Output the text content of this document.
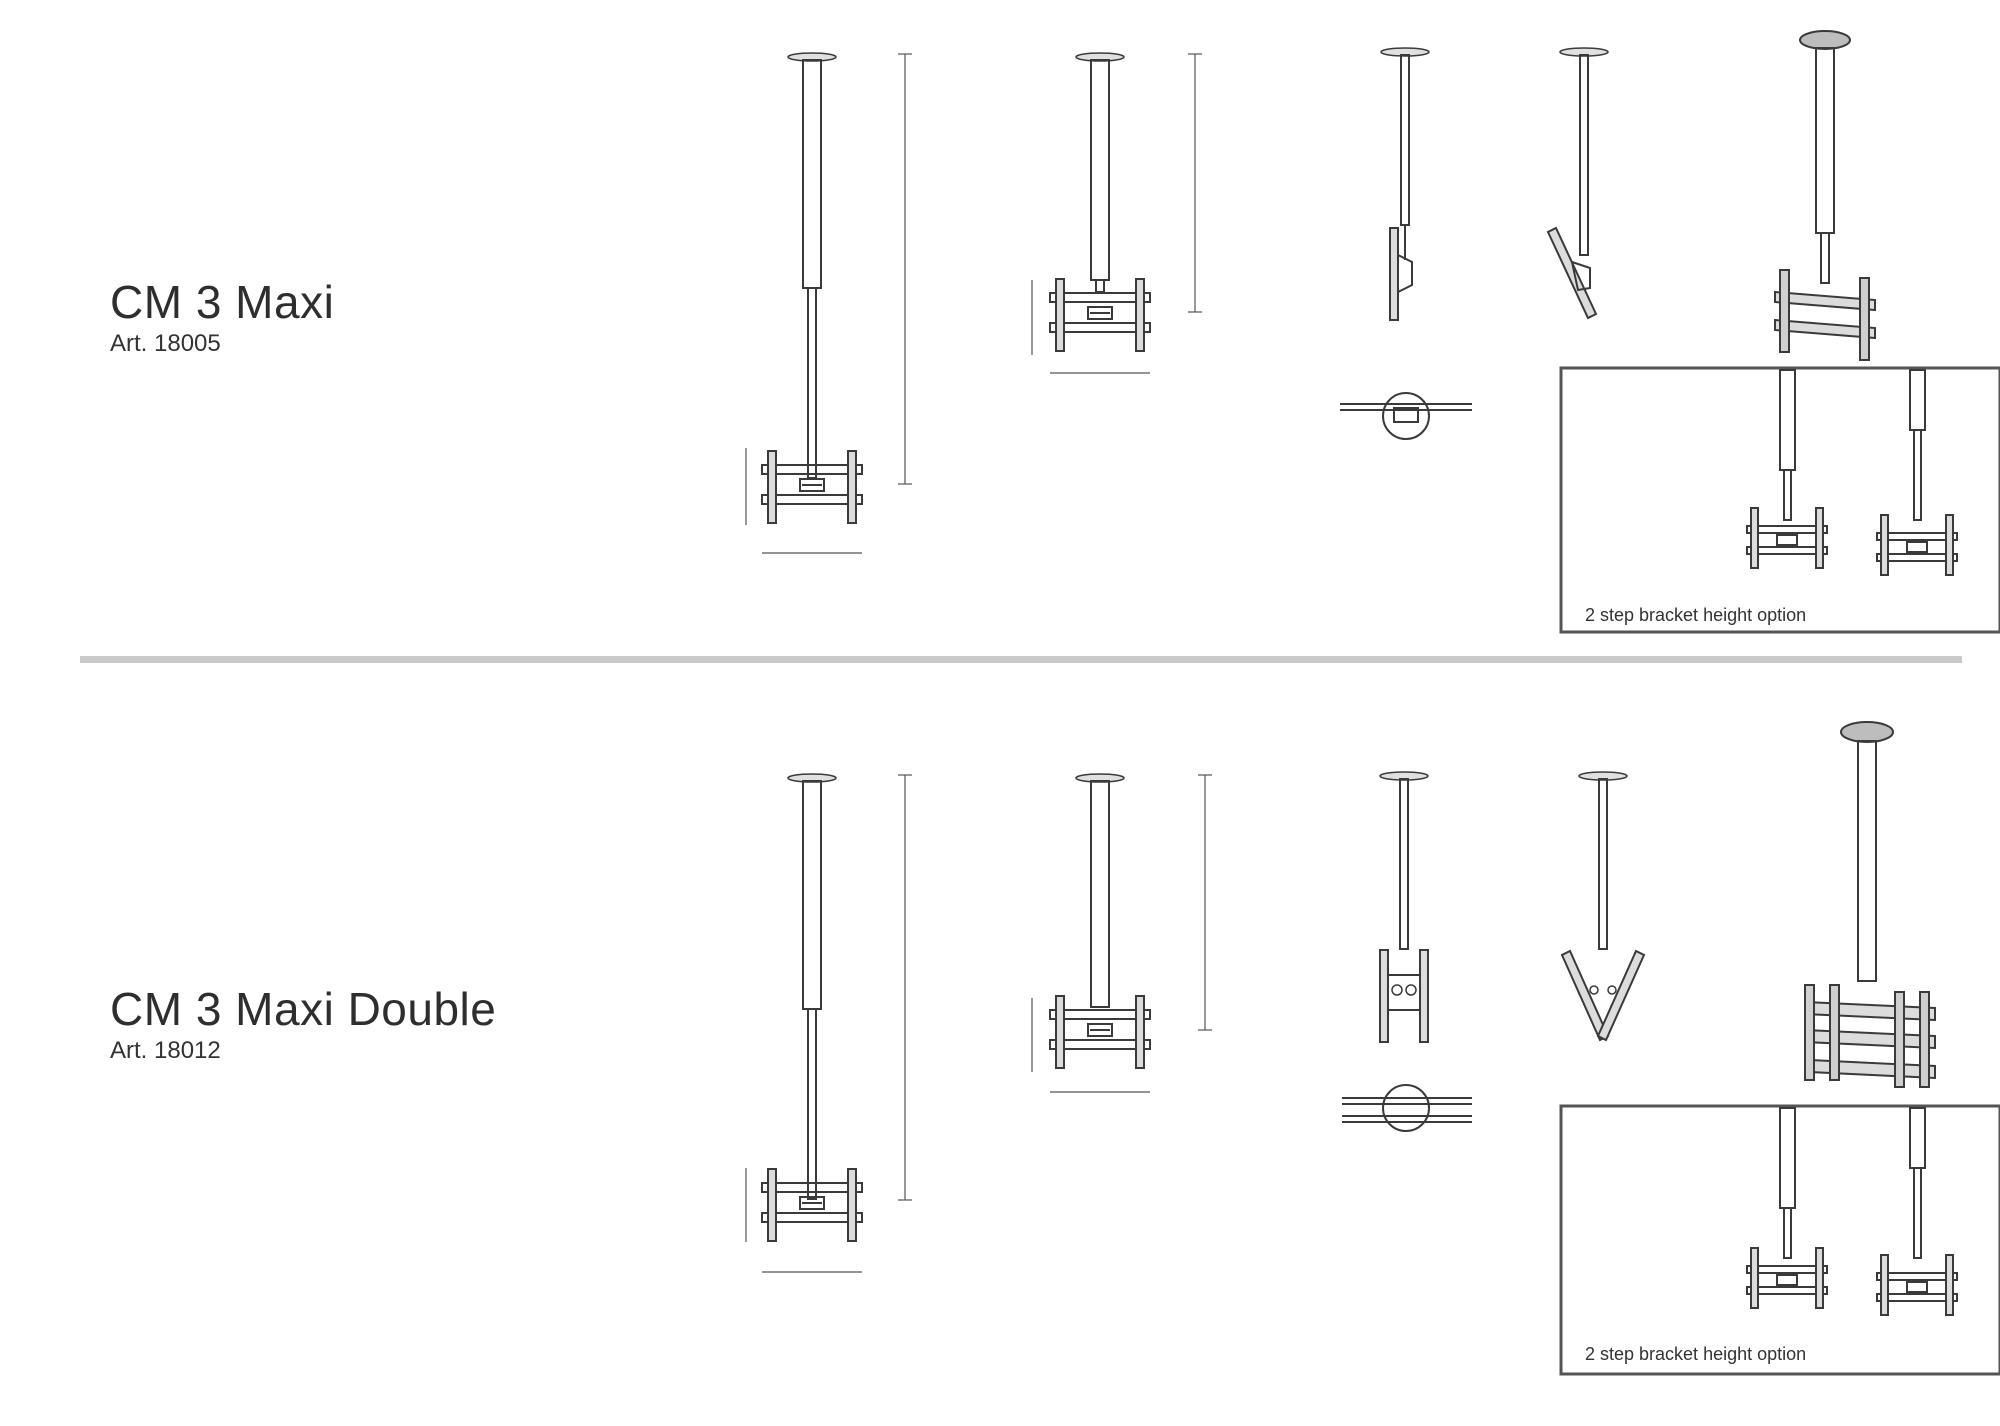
CM 3 Maxi
Art. 18005
CM 3 Maxi Double
Art. 18012
2 step bracket height option
2 step bracket height option
